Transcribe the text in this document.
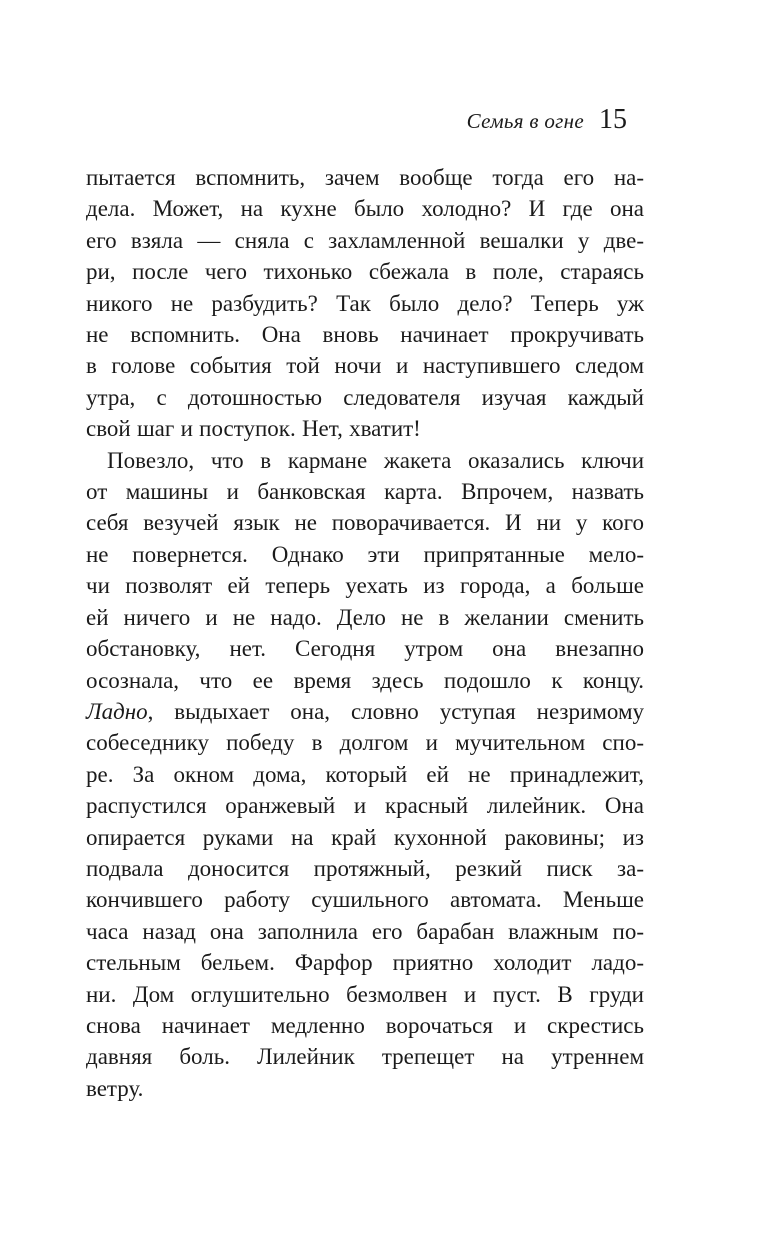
Семья в огне 15
пытается вспомнить, зачем вообще тогда его на-
дела. Может, на кухне было холодно? И где она
его взяла — сняла с захламленной вешалки у две-
ри, после чего тихонько сбежала в поле, стараясь
никого не разбудить? Так было дело? Теперь уж
не вспомнить. Она вновь начинает прокручивать
в голове события той ночи и наступившего следом
утра, с дотошностью следователя изучая каждый
свой шаг и поступок. Нет, хватит!
Повезло, что в кармане жакета оказались ключи
от машины и банковская карта. Впрочем, назвать
себя везучей язык не поворачивается. И ни у кого
не повернется. Однако эти припрятанные мело-
чи позволят ей теперь уехать из города, а больше
ей ничего и не надо. Дело не в желании сменить
обстановку, нет. Сегодня утром она внезапно
осознала, что ее время здесь подошло к концу.
Ладно, выдыхает она, словно уступая незримому
собеседнику победу в долгом и мучительном спо-
ре. За окном дома, который ей не принадлежит,
распустился оранжевый и красный лилейник. Она
опирается руками на край кухонной раковины; из
подвала доносится протяжный, резкий писк за-
кончившего работу сушильного автомата. Меньше
часа назад она заполнила его барабан влажным по-
стельным бельем. Фарфор приятно холодит ладо-
ни. Дом оглушительно безмолвен и пуст. В груди
снова начинает медленно ворочаться и скрестись
давняя боль. Лилейник трепещет на утреннем
ветру.
